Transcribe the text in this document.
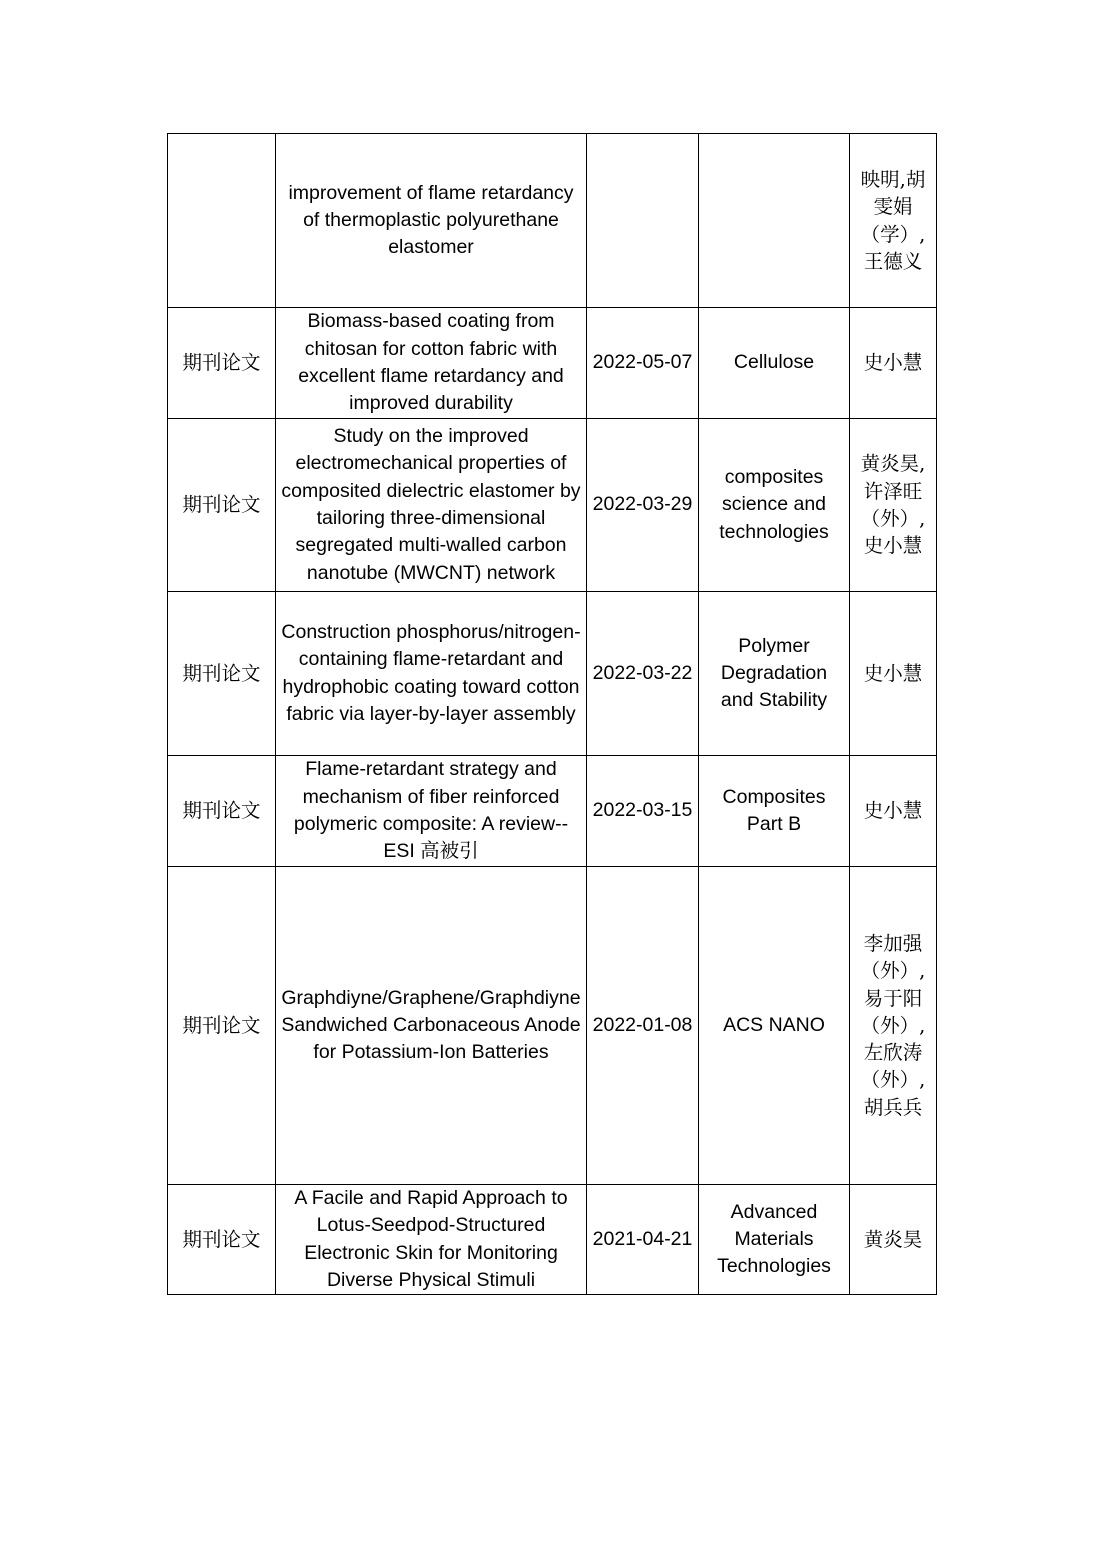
	improvement of flame retardancy of thermoplastic polyurethane elastomer			映明,胡雯娟（学）,王德义
期刊论文	Biomass-based coating from chitosan for cotton fabric with excellent flame retardancy and improved durability	2022-05-07	Cellulose	史小慧
期刊论文	Study on the improved electromechanical properties of composited dielectric elastomer by tailoring three-dimensional segregated multi-walled carbon nanotube (MWCNT) network	2022-03-29	composites science and technologies	黄炎昊,许泽旺（外）,史小慧
期刊论文	Construction phosphorus/nitrogen-containing flame-retardant and hydrophobic coating toward cotton fabric via layer-by-layer assembly	2022-03-22	Polymer Degradation and Stability	史小慧
期刊论文	Flame-retardant strategy and mechanism of fiber reinforced polymeric composite: A review--ESI 高被引	2022-03-15	Composites Part B	史小慧
期刊论文	Graphdiyne/Graphene/Graphdiyne Sandwiched Carbonaceous Anode for Potassium-Ion Batteries	2022-01-08	ACS NANO	李加强（外）,易于阳（外）,左欣涛（外）,胡兵兵
期刊论文	A Facile and Rapid Approach to Lotus-Seedpod-Structured Electronic Skin for Monitoring Diverse Physical Stimuli	2021-04-21	Advanced Materials Technologies	黄炎昊
